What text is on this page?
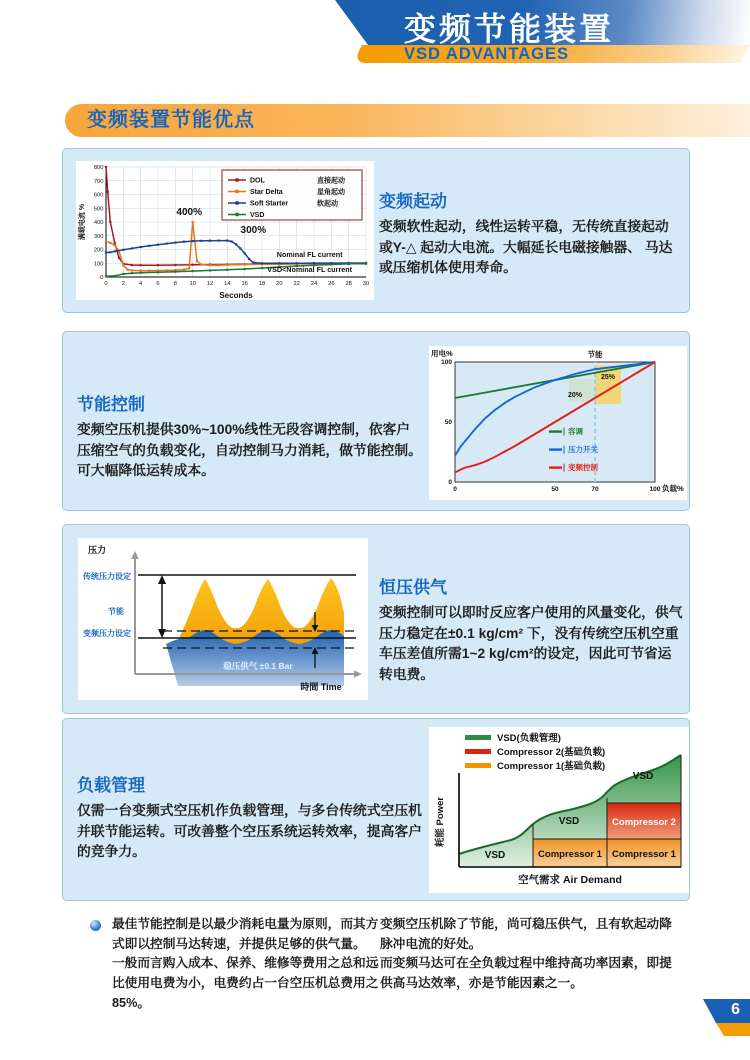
变频节能装置
VSD ADVANTAGES
变频装置节能优点
0 2 4 6 8 10 12 14 16 18 20 22 24 26 28 30
0
100
200
300
400
500
600
700
800
Seconds
满载电流 %
DOL	直接起动
Star Delta	星角起动
Soft Starter	软起动
VSD
400%
300%
Nominal FL current
VSD<Nominal FL current
变频起动

变频软性起动，线性运转平稳，无传统直接起动或Y-△ 起动大电流。大幅延长电磁接触器、 马达或压缩机体使用寿命。

节能控制

变频空压机提供30%~100%线性无段容调控制，依客户压缩空气的负载变化，自动控制马力消耗，做节能控制。可大幅降低运转成本。

20%
25%
0	50	70	100
0
50
100
用电%	节能
负载%
容调
压力开关
变频控制
压力
传统压力设定
节能
变频压力设定
稳压供气 ±0.1 Bar
時間 Time
恒压供气

变频控制可以即时反应客户使用的风量变化，供气压力稳定在±0.1 kg/cm² 下，没有传统空压机空重车压差值所需1~2 kg/cm²的设定，因此可节省运转电费。

负载管理

仅需一台变频式空压机作负载管理，与多台传统式空压机并联节能运转。可改善整个空压系统运转效率，提高客户的竞争力。

VSD(负载管理)
Compressor 2(基础负载)
Compressor 1(基础负载)
耗能 Power
空气需求 Air Demand
VSD
VSD
VSD
Compressor 1 Compressor 1
Compressor 2

最佳节能控制是以最少消耗电量为原则，而其方式即以控制马达转速，并提供足够的供气量。

一般而言购入成本、保养、维修等费用之总和远比使用电费为小，电费约占一台空压机总费用之85%。

变频空压机除了节能，尚可稳压供气，且有软起动降脉冲电流的好处。

而变频马达可在全负载过程中维持高功率因素，即提供高马达效率，亦是节能因素之一。

6
